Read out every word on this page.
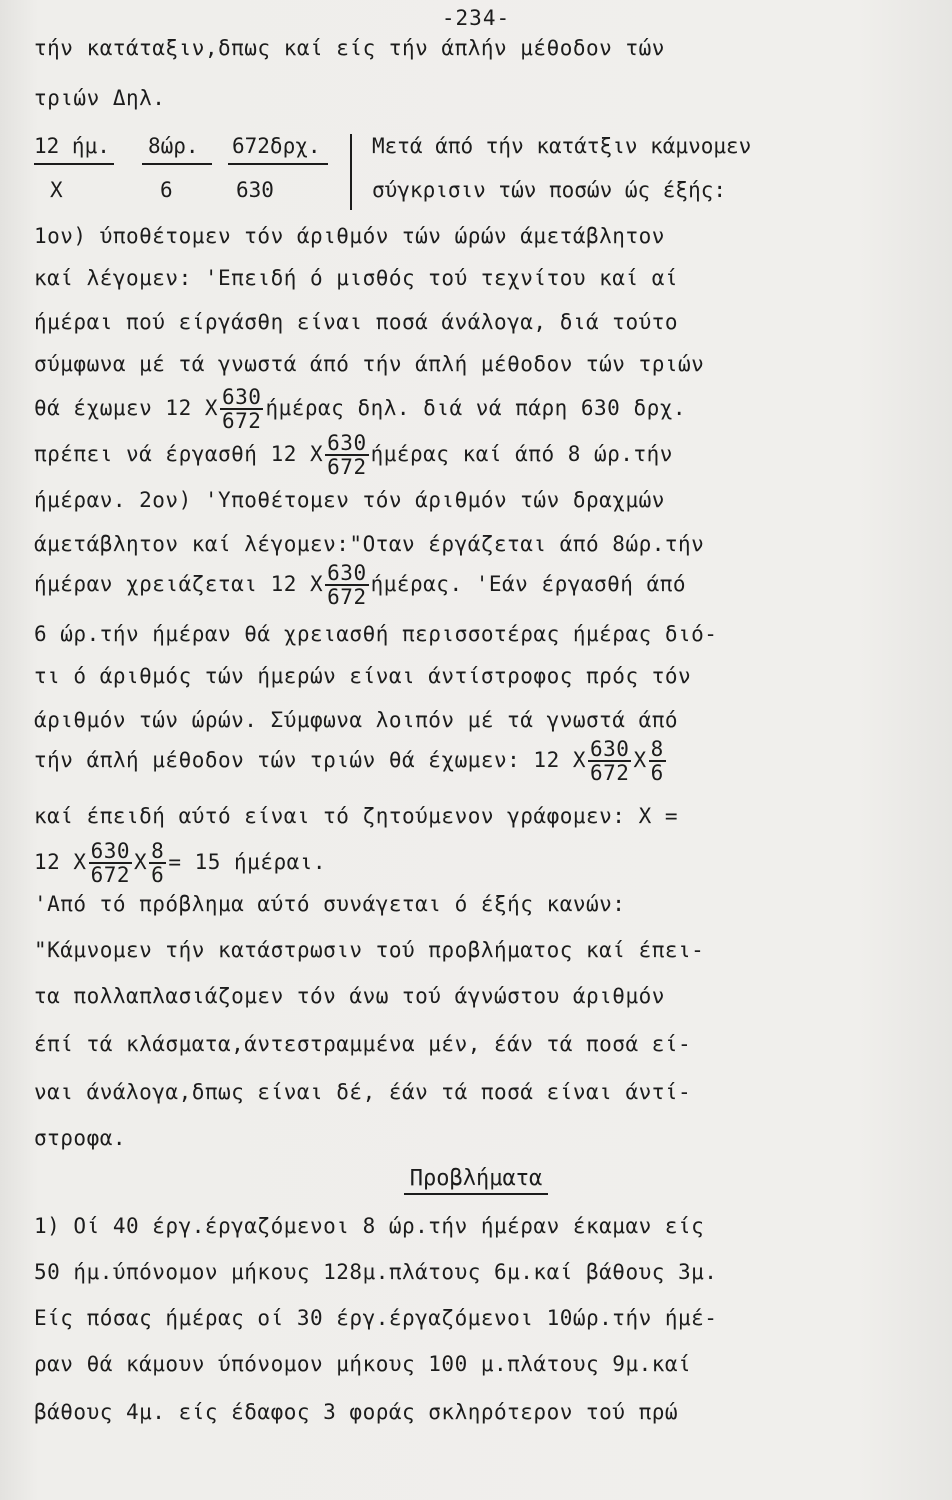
-234-
τήν κατάταξιν,δπως καί είς τήν άπλήν μέθοδον τών
τριών Δηλ.
12 ήμ. 8ώρ. 672δρχ.
Χ	6	630
Μετά άπό τήν κατάτξιν κάμνομεν
σύγκρισιν τών ποσών ώς έξής:
1ον) ύποθέτομεν τόν άριθμόν τών ώρών άμετάβλητον
καί λέγομεν: 'Επειδή ό μισθός τού τεχνίτου καί αί
ήμέραι πού είργάσθη είναι ποσά άνάλογα, διά τούτο
σύμφωνα μέ τά γνωστά άπό τήν άπλή μέθοδον τών τριών
θά έχωμεν 12 Χ $\frac{630}{672}$ ήμέρας δηλ. διά νά πάρη 630 δρχ.
πρέπει νά έργασθή 12 Χ $\frac{630}{672}$ ήμέρας καί άπό 8 ώρ.τήν
ήμέραν. 2ον) 'Υποθέτομεν τόν άριθμόν τών δραχμών
άμετάβλητον καί λέγομεν:"Οταν έργάζεται άπό 8ώρ.τήν
ήμέραν χρειάζεται 12 Χ $\frac{630}{672} ή\mu έ\rho\alpha\varsigma$. 'Εάν έργασθή άπό
6 ώρ.τήν ήμέραν θά χρειασθή περισσοτέρας ήμέρας διό-
τι ό άριθμός τών ήμερών είναι άντίστροφος πρός τόν
άριθμόν τών ώρών. Σύμφωνα λοιπόν μέ τά γνωστά άπό
τήν άπλή μέθοδον τών τριών θά έχωμεν: 12 Χ $\frac{630}{672}$ Χ $\frac{8}{6}$
καί έπειδή αύτό είναι τό ζητούμενον γράφομεν: Χ =
12 Χ $\frac{630}{672}$ Χ $\frac{8}{6} = 15$ ήμέραι.
'Από τό πρόβλημα αύτό συνάγεται ό έξής κανών:
"Κάμνομεν τήν κατάστρωσιν τού προβλήματος καί έπει-
τα πολλαπλασιάζομεν τόν άνω τού άγνώστου άριθμόν
έπί τά κλάσματα,άντεστραμμένα μέν, έάν τά ποσά εί-
ναι άνάλογα,δπως είναι δέ, έάν τά ποσά είναι άντί-
στροφα.
Προβλήματα
1) Οί 40 έργ.έργαζόμενοι 8 ώρ.τήν ήμέραν έκαμαν είς
50 ήμ.ύπόνομον μήκους 128μ.πλάτους 6μ.καί βάθους 3μ.
Είς πόσας ήμέρας οί 30 έργ.έργαζόμενοι 10ώρ.τήν ήμέ-
ραν θά κάμουν ύπόνομον μήκους 100 μ.πλάτους 9μ.καί
βάθους 4μ. είς έδαφος 3 φοράς σκληρότερον τού πρώ
